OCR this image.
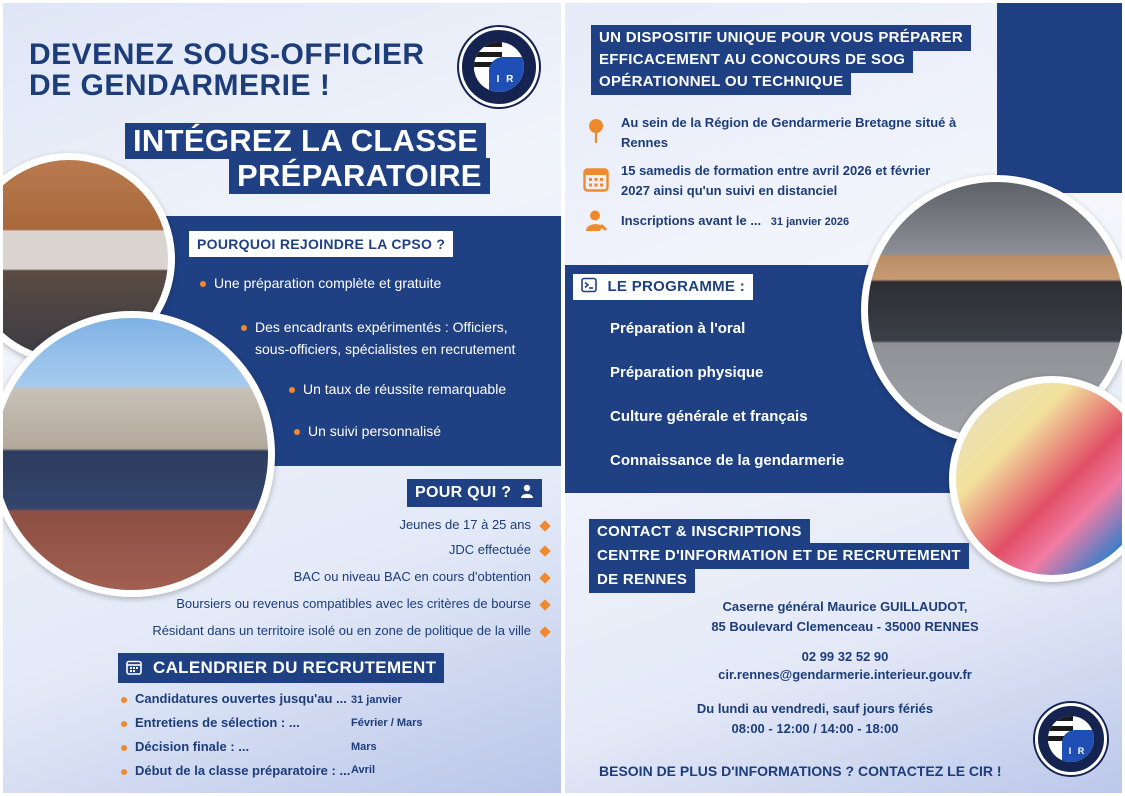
DEVENEZ SOUS-OFFICIER
DE GENDARMERIE !	C I R
INTÉGREZ LA CLASSE
PRÉPARATOIRE
POURQUOI REJOINDRE LA CPSO ?
Une préparation complète et gratuite
Des encadrants expérimentés : Officiers,
sous-officiers, spécialistes en recrutement
Un taux de réussite remarquable
Un suivi personnalisé
POUR QUI ?
Jeunes de 17 à 25 ans
JDC effectuée
BAC ou niveau BAC en cours d'obtention
Boursiers ou revenus compatibles avec les critères de bourse
Résidant dans un territoire isolé ou en zone de politique de la ville
CALENDRIER DU RECRUTEMENT
Candidatures ouvertes jusqu'au ... 31 janvier
Entretiens de sélection : ...	Février / Mars
Décision finale : ...	Mars
Début de la classe préparatoire : ... Avril
UN DISPOSITIF UNIQUE POUR VOUS PRÉPARER
EFFICACEMENT AU CONCOURS DE SOG
OPÉRATIONNEL OU TECHNIQUE
Au sein de la Région de Gendarmerie Bretagne situé à
Rennes
15 samedis de formation entre avril 2026 et février
2027 ainsi qu'un suivi en distanciel
Inscriptions avant le ... 31 janvier 2026
LE PROGRAMME :
Préparation à l'oral
Préparation physique
Culture générale et français
Connaissance de la gendarmerie
CONTACT & INSCRIPTIONS
CENTRE D'INFORMATION ET DE RECRUTEMENT
DE RENNES
Caserne général Maurice GUILLAUDOT,
85 Boulevard Clemenceau - 35000 RENNES
02 99 32 52 90
cir.rennes@gendarmerie.interieur.gouv.fr
Du lundi au vendredi, sauf jours fériés
08:00 - 12:00 / 14:00 - 18:00
C I R
BESOIN DE PLUS D'INFORMATIONS ? CONTACTEZ LE CIR !
